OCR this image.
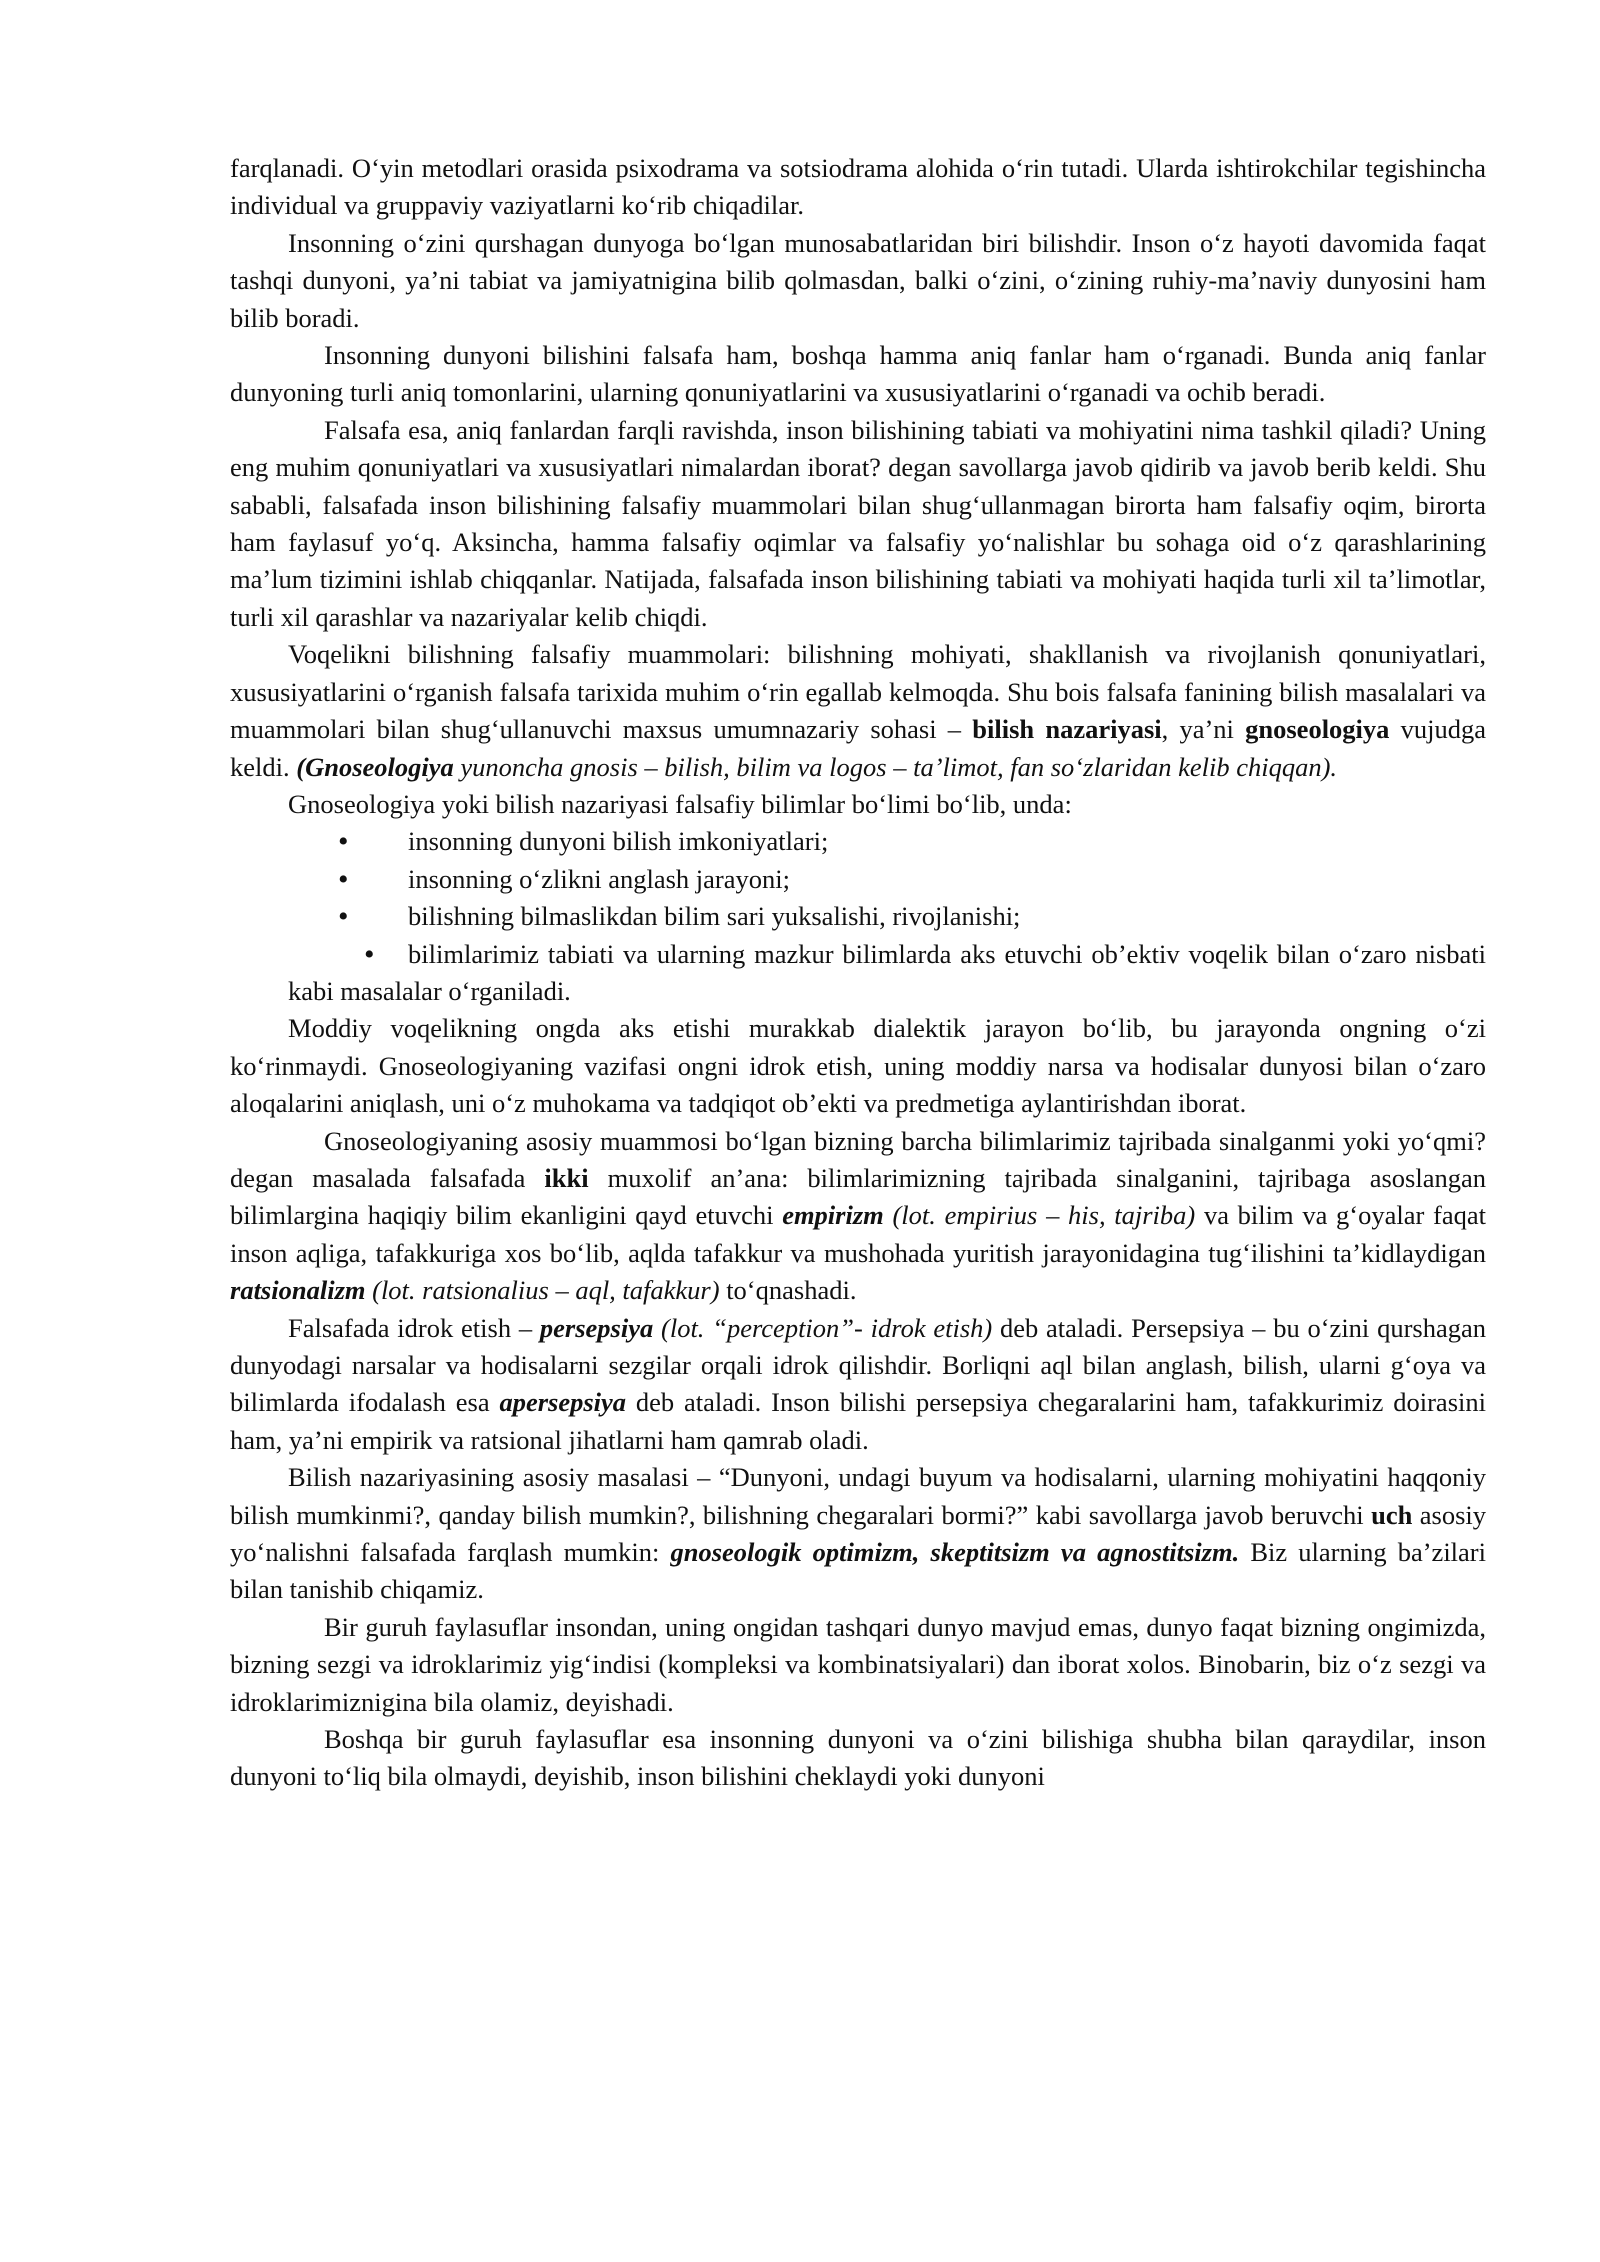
farqlanadi. O‘yin metodlari orasida psixodrama va sotsiodrama alohida o‘rin tutadi. Ularda ishtirokchilar tegishincha individual va gruppaviy vaziyatlarni ko‘rib chiqadilar.

Insonning o‘zini qurshagan dunyoga bo‘lgan munosabatlaridan biri bilishdir. Inson o‘z hayoti davomida faqat tashqi dunyoni, ya’ni tabiat va jamiyatnigina bilib qolmasdan, balki o‘zini, o‘zining ruhiy-ma’naviy dunyosini ham bilib boradi.

Insonning dunyoni bilishini falsafa ham, boshqa hamma aniq fanlar ham o‘rganadi. Bunda aniq fanlar dunyoning turli aniq tomonlarini, ularning qonuniyatlarini va xususiyatlarini o‘rganadi va ochib beradi.

Falsafa esa, aniq fanlardan farqli ravishda, inson bilishining tabiati va mohiyatini nima tashkil qiladi? Uning eng muhim qonuniyatlari va xususiyatlari nimalardan iborat? degan savollarga javob qidirib va javob berib keldi. Shu sababli, falsafada inson bilishining falsafiy muammolari bilan shug‘ullanmagan birorta ham falsafiy oqim, birorta ham faylasuf yo‘q. Aksincha, hamma falsafiy oqimlar va falsafiy yo‘nalishlar bu sohaga oid o‘z qarashlarining ma’lum tizimini ishlab chiqqanlar. Natijada, falsafada inson bilishining tabiati va mohiyati haqida turli xil ta’limotlar, turli xil qarashlar va nazariyalar kelib chiqdi.

Voqelikni bilishning falsafiy muammolari: bilishning mohiyati, shakllanish va rivojlanish qonuniyatlari, xususiyatlarini o‘rganish falsafa tarixida muhim o‘rin egallab kelmoqda. Shu bois falsafa fanining bilish masalalari va muammolari bilan shug‘ullanuvchi maxsus umumnazariy sohasi – bilish nazariyasi, ya’ni gnoseologiya vujudga keldi. (Gnoseologiya yunoncha gnosis – bilish, bilim va logos – ta’limot, fan so‘zlaridan kelib chiqqan).

Gnoseologiya yoki bilish nazariyasi falsafiy bilimlar bo‘limi bo‘lib, unda:

• insonning dunyoni bilish imkoniyatlari;
• insonning o‘zlikni anglash jarayoni;
• bilishning bilmaslikdan bilim sari yuksalishi, rivojlanishi;
• bilimlarimiz tabiati va ularning mazkur bilimlarda aks etuvchi ob’ektiv voqelik bilan o‘zaro nisbati kabi masalalar o‘rganiladi.

Moddiy voqelikning ongda aks etishi murakkab dialektik jarayon bo‘lib, bu jarayonda ongning o‘zi ko‘rinmaydi. Gnoseologiyaning vazifasi ongni idrok etish, uning moddiy narsa va hodisalar dunyosi bilan o‘zaro aloqalarini aniqlash, uni o‘z muhokama va tadqiqot ob’ekti va predmetiga aylantirishdan iborat.

Gnoseologiyaning asosiy muammosi bo‘lgan bizning barcha bilimlarimiz tajribada sinalganmi yoki yo‘qmi? degan masalada falsafada ikki muxolif an’ana: bilimlarimizning tajribada sinalganini, tajribaga asoslangan bilimlargina haqiqiy bilim ekanligini qayd etuvchi empirizm (lot. empirius – his, tajriba) va bilim va g‘oyalar faqat inson aqliga, tafakkuriga xos bo‘lib, aqlda tafakkur va mushohada yuritish jarayonidagina tug‘ilishini ta’kidlaydigan ratsionalizm (lot. ratsionalius – aql, tafakkur) to‘qnashadi.

Falsafada idrok etish – persepsiya (lot. “perception”- idrok etish) deb ataladi. Persepsiya – bu o‘zini qurshagan dunyodagi narsalar va hodisalarni sezgilar orqali idrok qilishdir. Borliqni aql bilan anglash, bilish, ularni g‘oya va bilimlarda ifodalash esa apersepsiya deb ataladi. Inson bilishi persepsiya chegaralarini ham, tafakkurimiz doirasini ham, ya’ni empirik va ratsional jihatlarni ham qamrab oladi.

Bilish nazariyasining asosiy masalasi – “Dunyoni, undagi buyum va hodisalarni, ularning mohiyatini haqqoniy bilish mumkinmi?, qanday bilish mumkin?, bilishning chegaralari bormi?” kabi savollarga javob beruvchi uch asosiy yo‘nalishni falsafada farqlash mumkin: gnoseologik optimizm, skeptitsizm va agnostitsizm. Biz ularning ba’zilari bilan tanishib chiqamiz.

Bir guruh faylasuflar insondan, uning ongidan tashqari dunyo mavjud emas, dunyo faqat bizning ongimizda, bizning sezgi va idroklarimiz yig‘indisi (kompleksi va kombinatsiyalari) dan iborat xolos. Binobarin, biz o‘z sezgi va idroklarimiznigina bila olamiz, deyishadi.

Boshqa bir guruh faylasuflar esa insonning dunyoni va o‘zini bilishiga shubha bilan qaraydilar, inson dunyoni to‘liq bila olmaydi, deyishib, inson bilishini cheklaydi yoki dunyoni
